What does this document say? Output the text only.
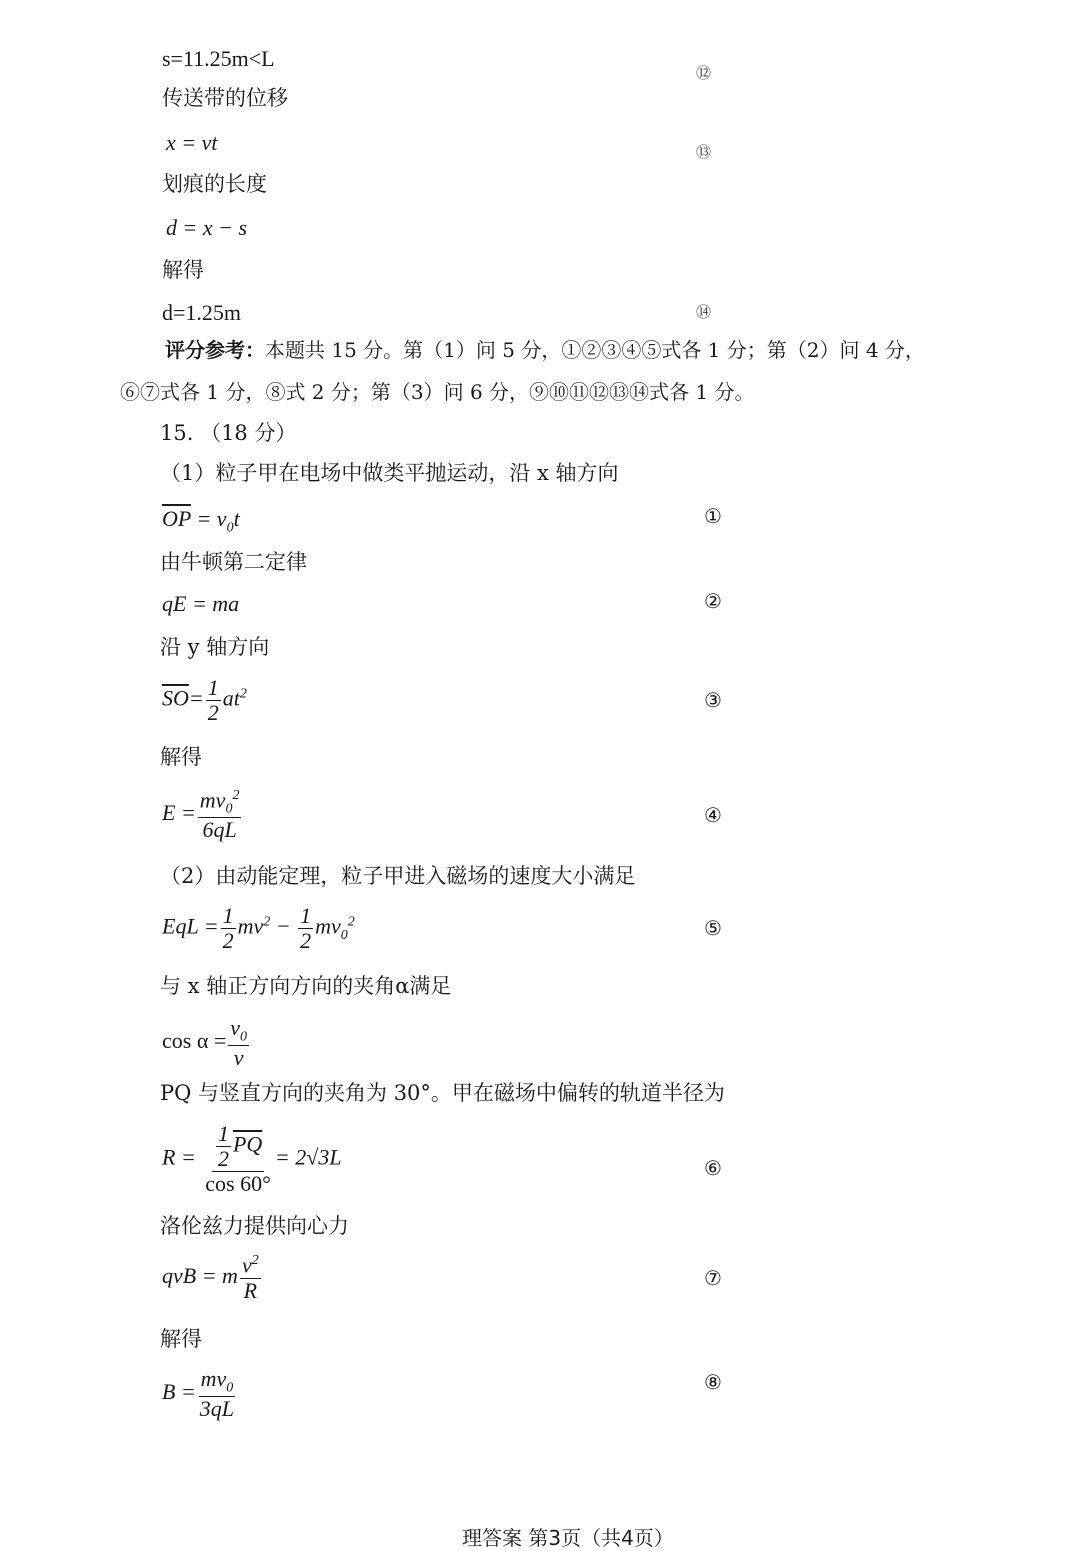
s=11.25m<L
⑫
传送带的位移
x = vt	⑬
划痕的长度
d = x − s
解得
d=1.25m	⑭
评分参考：本题共 15 分。第（1）问 5 分，①②③④⑤式各 1 分；第（2）问 4 分，
⑥⑦式各 1 分，⑧式 2 分；第（3）问 6 分，⑨⑩⑪⑫⑬⑭式各 1 分。
15. （18 分）
（1）粒子甲在电场中做类平抛运动，沿 x 轴方向
$\overline{OP} = v_0t$	①
由牛顿第二定律
qE = ma	②
沿 y 轴方向
$\overline{SO}= \frac{1}{2} at^2$	③
解得
$E = \frac{mv_0^2}{6qL}$	④
（2）由动能定理，粒子甲进入磁场的速度大小满足
EqL = $\frac{1}{2} mv^2 - \frac{1}{2} mv_0^2$	⑤
与 x 轴正方向方向的夹角α满足
$\cos \alpha = \frac{v_0}{v}$
PQ 与竖直方向的夹角为 30°。甲在磁场中偏转的轨道半径为
$R = \frac{\frac{1}{2} \overline{PQ}}{\cos 60^\circ} = 2√3L$	⑥
洛伦兹力提供向心力
qvB = m $\frac{v^2}{R}$	⑦
解得
$B = \frac{mv_0}{3qL}$	⑧
理答案 第3页（共4页）
